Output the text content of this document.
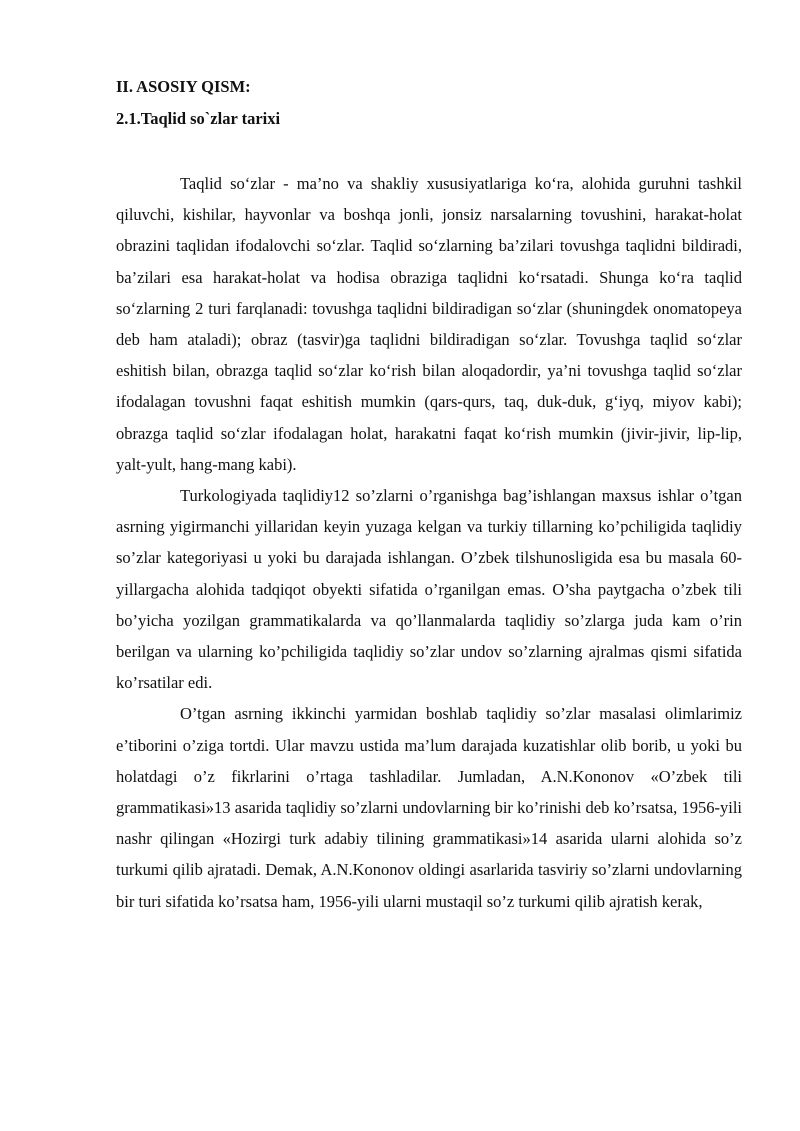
II. ASOSIY QISM:

2.1.Taqlid so`zlar tarixi

Taqlid so‘zlar - ma’no va shakliy xususiyatlariga ko‘ra, alohida guruhni tashkil qiluvchi, kishilar, hayvonlar va boshqa jonli, jonsiz narsalarning tovushini, harakat-holat obrazini taqlidan ifodalovchi so‘zlar. Taqlid so‘zlarning ba’zilari tovushga taqlidni bildiradi, ba’zilari esa harakat-holat va hodisa obraziga taqlidni ko‘rsatadi. Shunga ko‘ra taqlid so‘zlarning 2 turi farqlanadi: tovushga taqlidni bildiradigan so‘zlar (shuningdek onomatopeya deb ham ataladi); obraz (tasvir)ga taqlidni bildiradigan so‘zlar. Tovushga taqlid so‘zlar eshitish bilan, obrazga taqlid so‘zlar ko‘rish bilan aloqadordir, ya’ni tovushga taqlid so‘zlar ifodalagan tovushni faqat eshitish mumkin (qars-qurs, taq, duk-duk, g‘iyq, miyov kabi); obrazga taqlid so‘zlar ifodalagan holat, harakatni faqat ko‘rish mumkin (jivir-jivir, lip-lip, yalt-yult, hang-mang kabi).

Turkologiyada taqlidiy12 so’zlarni o’rganishga bag’ishlangan maxsus ishlar o’tgan asrning yigirmanchi yillaridan keyin yuzaga kelgan va turkiy tillarning ko’pchiligida taqlidiy so’zlar kategoriyasi u yoki bu darajada ishlangan. O’zbek tilshunosligida esa bu masala 60-yillargacha alohida tadqiqot obyekti sifatida o’rganilgan emas. O’sha paytgacha o’zbek tili bo’yicha yozilgan grammatikalarda va qo’llanmalarda taqlidiy so’zlarga juda kam o’rin berilgan va ularning ko’pchiligida taqlidiy so’zlar undov so’zlarning ajralmas qismi sifatida ko’rsatilar edi.

O’tgan asrning ikkinchi yarmidan boshlab taqlidiy so’zlar masalasi olimlarimiz e’tiborini o’ziga tortdi. Ular mavzu ustida ma’lum darajada kuzatishlar olib borib, u yoki bu holatdagi o’z fikrlarini o’rtaga tashladilar. Jumladan, A.N.Kononov «O’zbek tili grammatikasi»13 asarida taqlidiy so’zlarni undovlarning bir ko’rinishi deb ko’rsatsa, 1956-yili nashr qilingan «Hozirgi turk adabiy tilining grammatikasi»14 asarida ularni alohida so’z turkumi qilib ajratadi. Demak, A.N.Kononov oldingi asarlarida tasviriy so’zlarni undovlarning bir turi sifatida ko’rsatsa ham, 1956-yili ularni mustaqil so’z turkumi qilib ajratish kerak,
